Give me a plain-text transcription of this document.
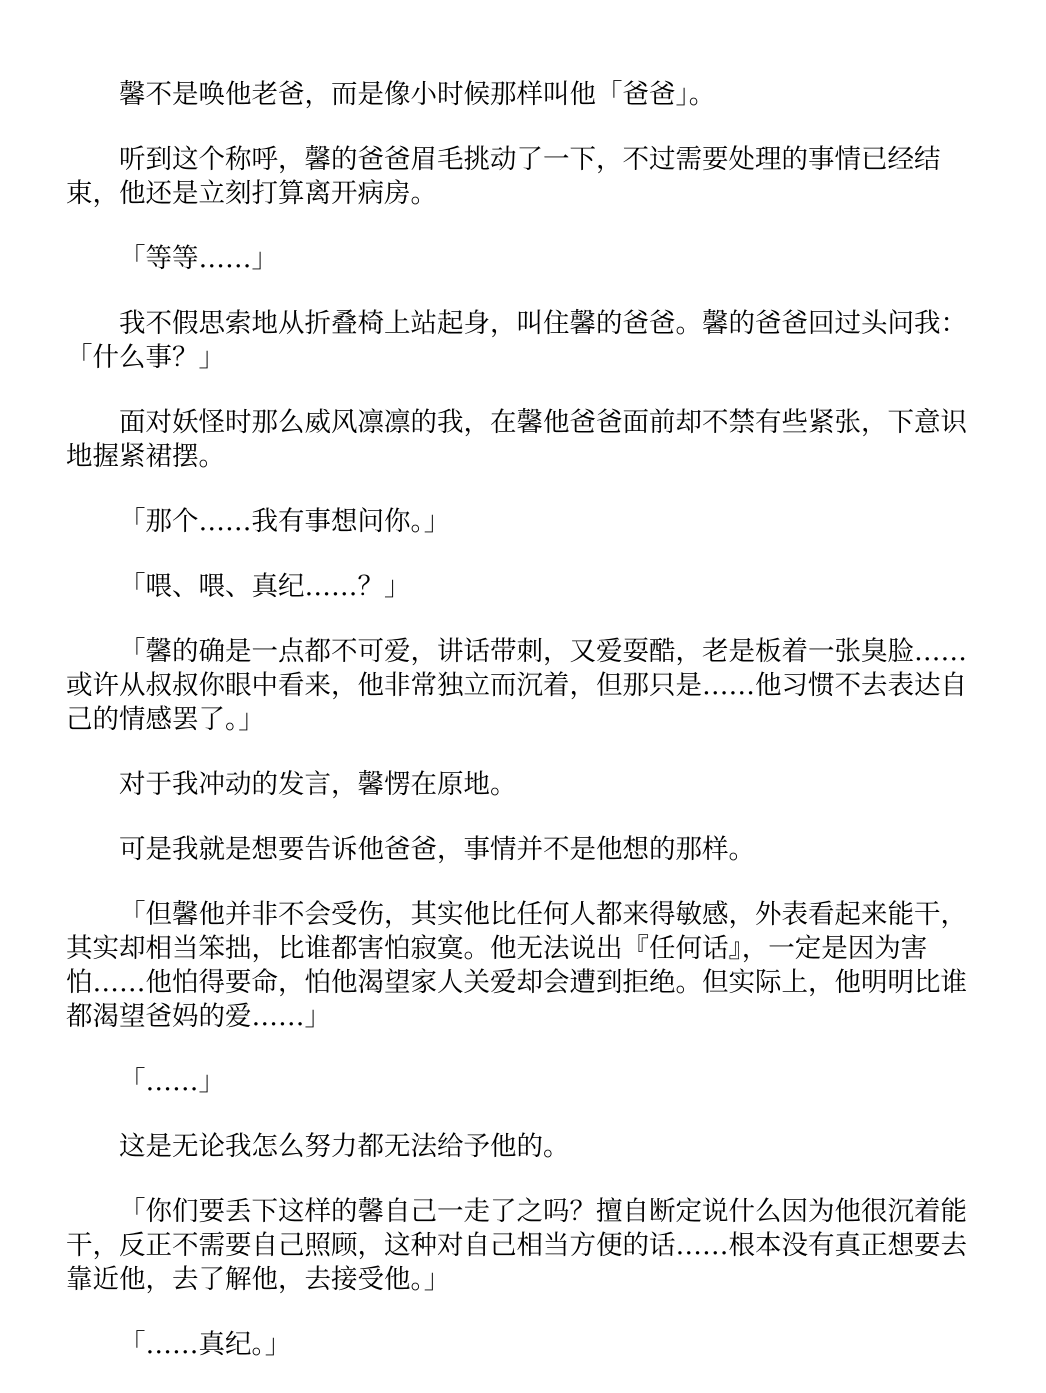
馨不是唤他老爸，而是像小时候那样叫他「爸爸」。

听到这个称呼，馨的爸爸眉毛挑动了一下，不过需要处理的事情已经结束，他还是立刻打算离开病房。

「等等……」

我不假思索地从折叠椅上站起身，叫住馨的爸爸。馨的爸爸回过头问我：「什么事？」

面对妖怪时那么威风凛凛的我，在馨他爸爸面前却不禁有些紧张，下意识地握紧裙摆。

「那个……我有事想问你。」

「喂、喂、真纪……？」

「馨的确是一点都不可爱，讲话带刺，又爱耍酷，老是板着一张臭脸……或许从叔叔你眼中看来，他非常独立而沉着，但那只是……他习惯不去表达自己的情感罢了。」

对于我冲动的发言，馨愣在原地。

可是我就是想要告诉他爸爸，事情并不是他想的那样。

「但馨他并非不会受伤，其实他比任何人都来得敏感，外表看起来能干，其实却相当笨拙，比谁都害怕寂寞。他无法说出『任何话』，一定是因为害怕……他怕得要命，怕他渴望家人关爱却会遭到拒绝。但实际上，他明明比谁都渴望爸妈的爱……」

「……」

这是无论我怎么努力都无法给予他的。

「你们要丢下这样的馨自己一走了之吗？擅自断定说什么因为他很沉着能干，反正不需要自己照顾，这种对自己相当方便的话……根本没有真正想要去靠近他，去了解他，去接受他。」

「……真纪。」
